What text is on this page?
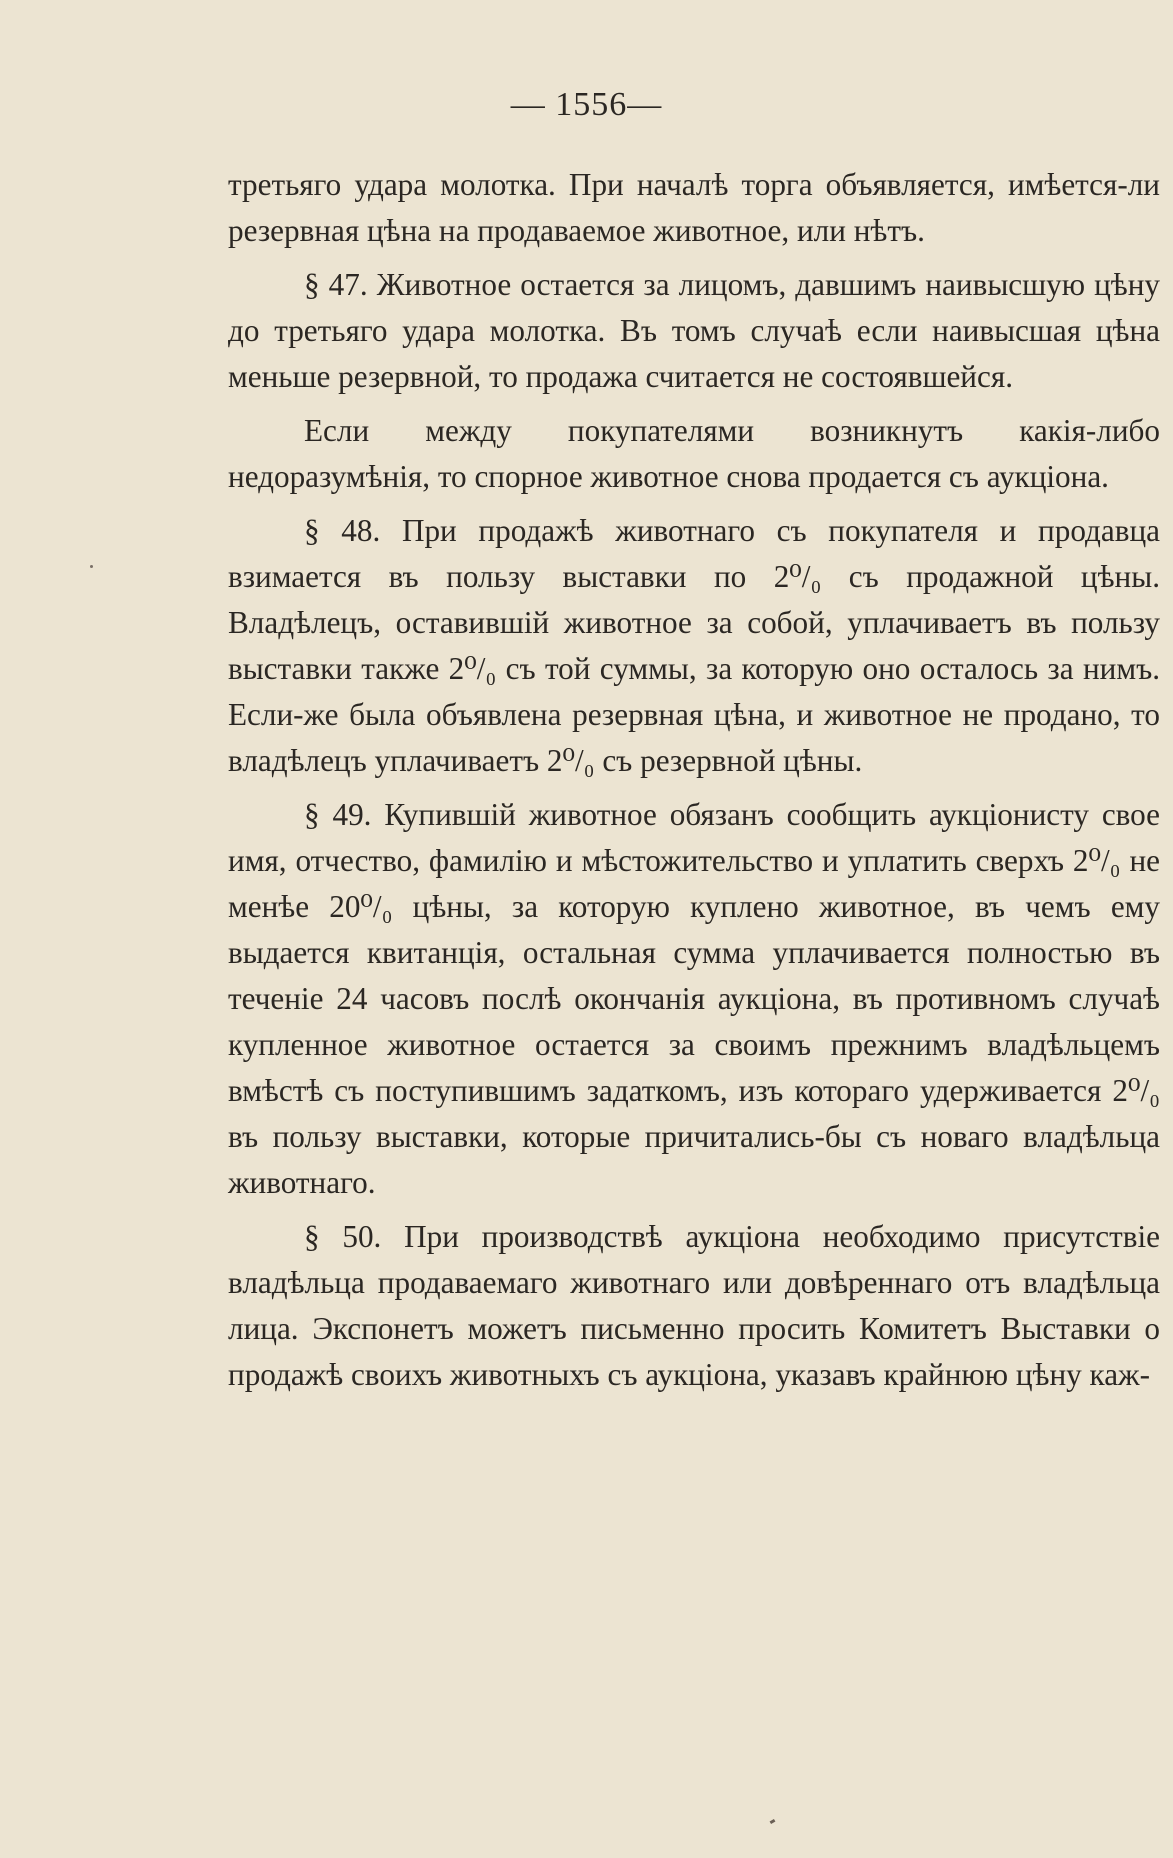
— 1556—

третьяго удара молотка. При началѣ торга объявляется, имѣется-ли резервная цѣна на продаваемое животное, или нѣтъ.

§ 47. Животное остается за лицомъ, давшимъ наивысшую цѣну до третьяго удара молотка. Въ томъ случаѣ если наивысшая цѣна меньше резервной, то продажа считается не состоявшейся.

Если между покупателями возникнутъ какія-либо недоразумѣнія, то спорное животное снова продается съ аукціона.

§ 48. При продажѣ животнаго съ покупателя и продавца взимается въ пользу выставки по 2⁰/₀ съ продажной цѣны. Владѣлецъ, оставившій животное за собой, уплачиваетъ въ пользу выставки также 2⁰/₀ съ той суммы, за которую оно осталось за нимъ. Если-же была объявлена резервная цѣна, и животное не продано, то владѣлецъ уплачиваетъ 2⁰/₀ съ резервной цѣны.

§ 49. Купившій животное обязанъ сообщить аукціонисту свое имя, отчество, фамилію и мѣстожительство и уплатить сверхъ 2⁰/₀ не менѣе 20⁰/₀ цѣны, за которую куплено животное, въ чемъ ему выдается квитанція, остальная сумма уплачивается полностью въ теченіе 24 часовъ послѣ окончанія аукціона, въ противномъ случаѣ купленное животное остается за своимъ прежнимъ владѣльцемъ вмѣстѣ съ поступившимъ задаткомъ, изъ котораго удерживается 2⁰/₀ въ пользу выставки, которые причитались-бы съ новаго владѣльца животнаго.

§ 50. При производствѣ аукціона необходимо присутствіе владѣльца продаваемаго животнаго или довѣреннаго отъ владѣльца лица. Экспонетъ можетъ письменно просить Комитетъ Выставки о продажѣ своихъ животныхъ съ аукціона, указавъ крайнюю цѣну каж-
